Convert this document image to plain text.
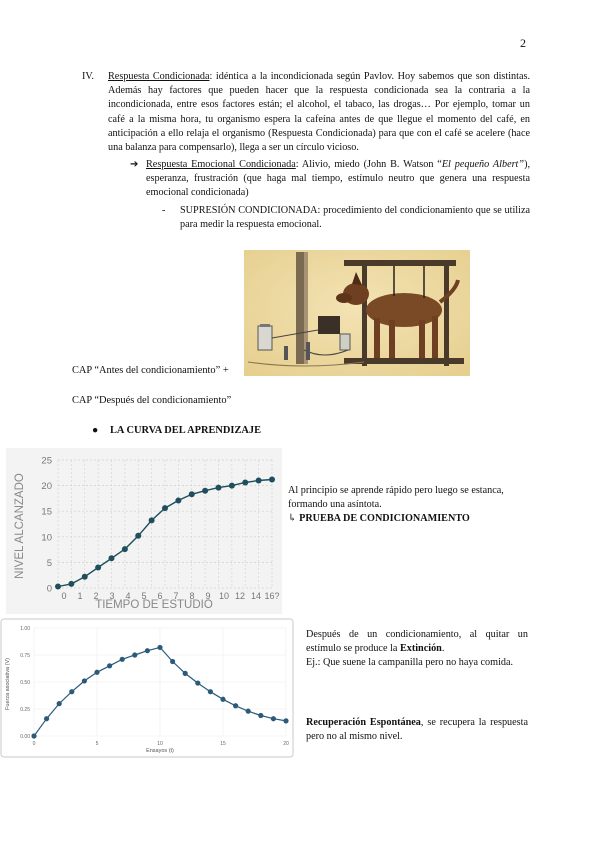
2
IV. Respuesta Condicionada: idéntica a la incondicionada según Pavlov. Hoy sabemos que son distintas. Además hay factores que pueden hacer que la respuesta condicionada sea la contraria a la incondicionada, entre esos factores están; el alcohol, el tabaco, las drogas… Por ejemplo, tomar un café a la misma hora, tu organismo espera la cafeína antes de que llegue el momento del café, en anticipación a ello relaja el organismo (Respuesta Condicionada) para que con el café se acelere (hace una balanza para compensarlo), llega a ser un círculo vicioso.
➔ Respuesta Emocional Condicionada: Alivio, miedo (John B. Watson “El pequeño Albert”), esperanza, frustración (que haga mal tiempo, estímulo neutro que genera una respuesta emocional condicionada)
- SUPRESIÓN CONDICIONADA: procedimiento del condicionamiento que se utiliza para medir la respuesta emocional.
CAP “Antes del condicionamiento” +
CAP “Después del condicionamiento”
● LA CURVA DEL APRENDIZAJE
0
5
10
15
20
25
0 1 2 3 4 5 6 7 8 9 10 12 14 16?
TIEMPO DE ESTUDIO
NIVEL ALCANZADO	Al principio se aprende rápido pero luego se estanca, formando una asíntota.
↳ PRUEBA DE CONDICIONAMIENTO
0.00
0.25
0.50
0.75
1.00
0	5	10	15	20
Ensayos (t)
Fuerza asociativa (V)
Después de un condicionamiento, al quitar un estímulo se produce la Extinción.
Ej.: Que suene la campanilla pero no haya comida.
Recuperación Espontánea, se recupera la respuesta pero no al mismo nivel.
